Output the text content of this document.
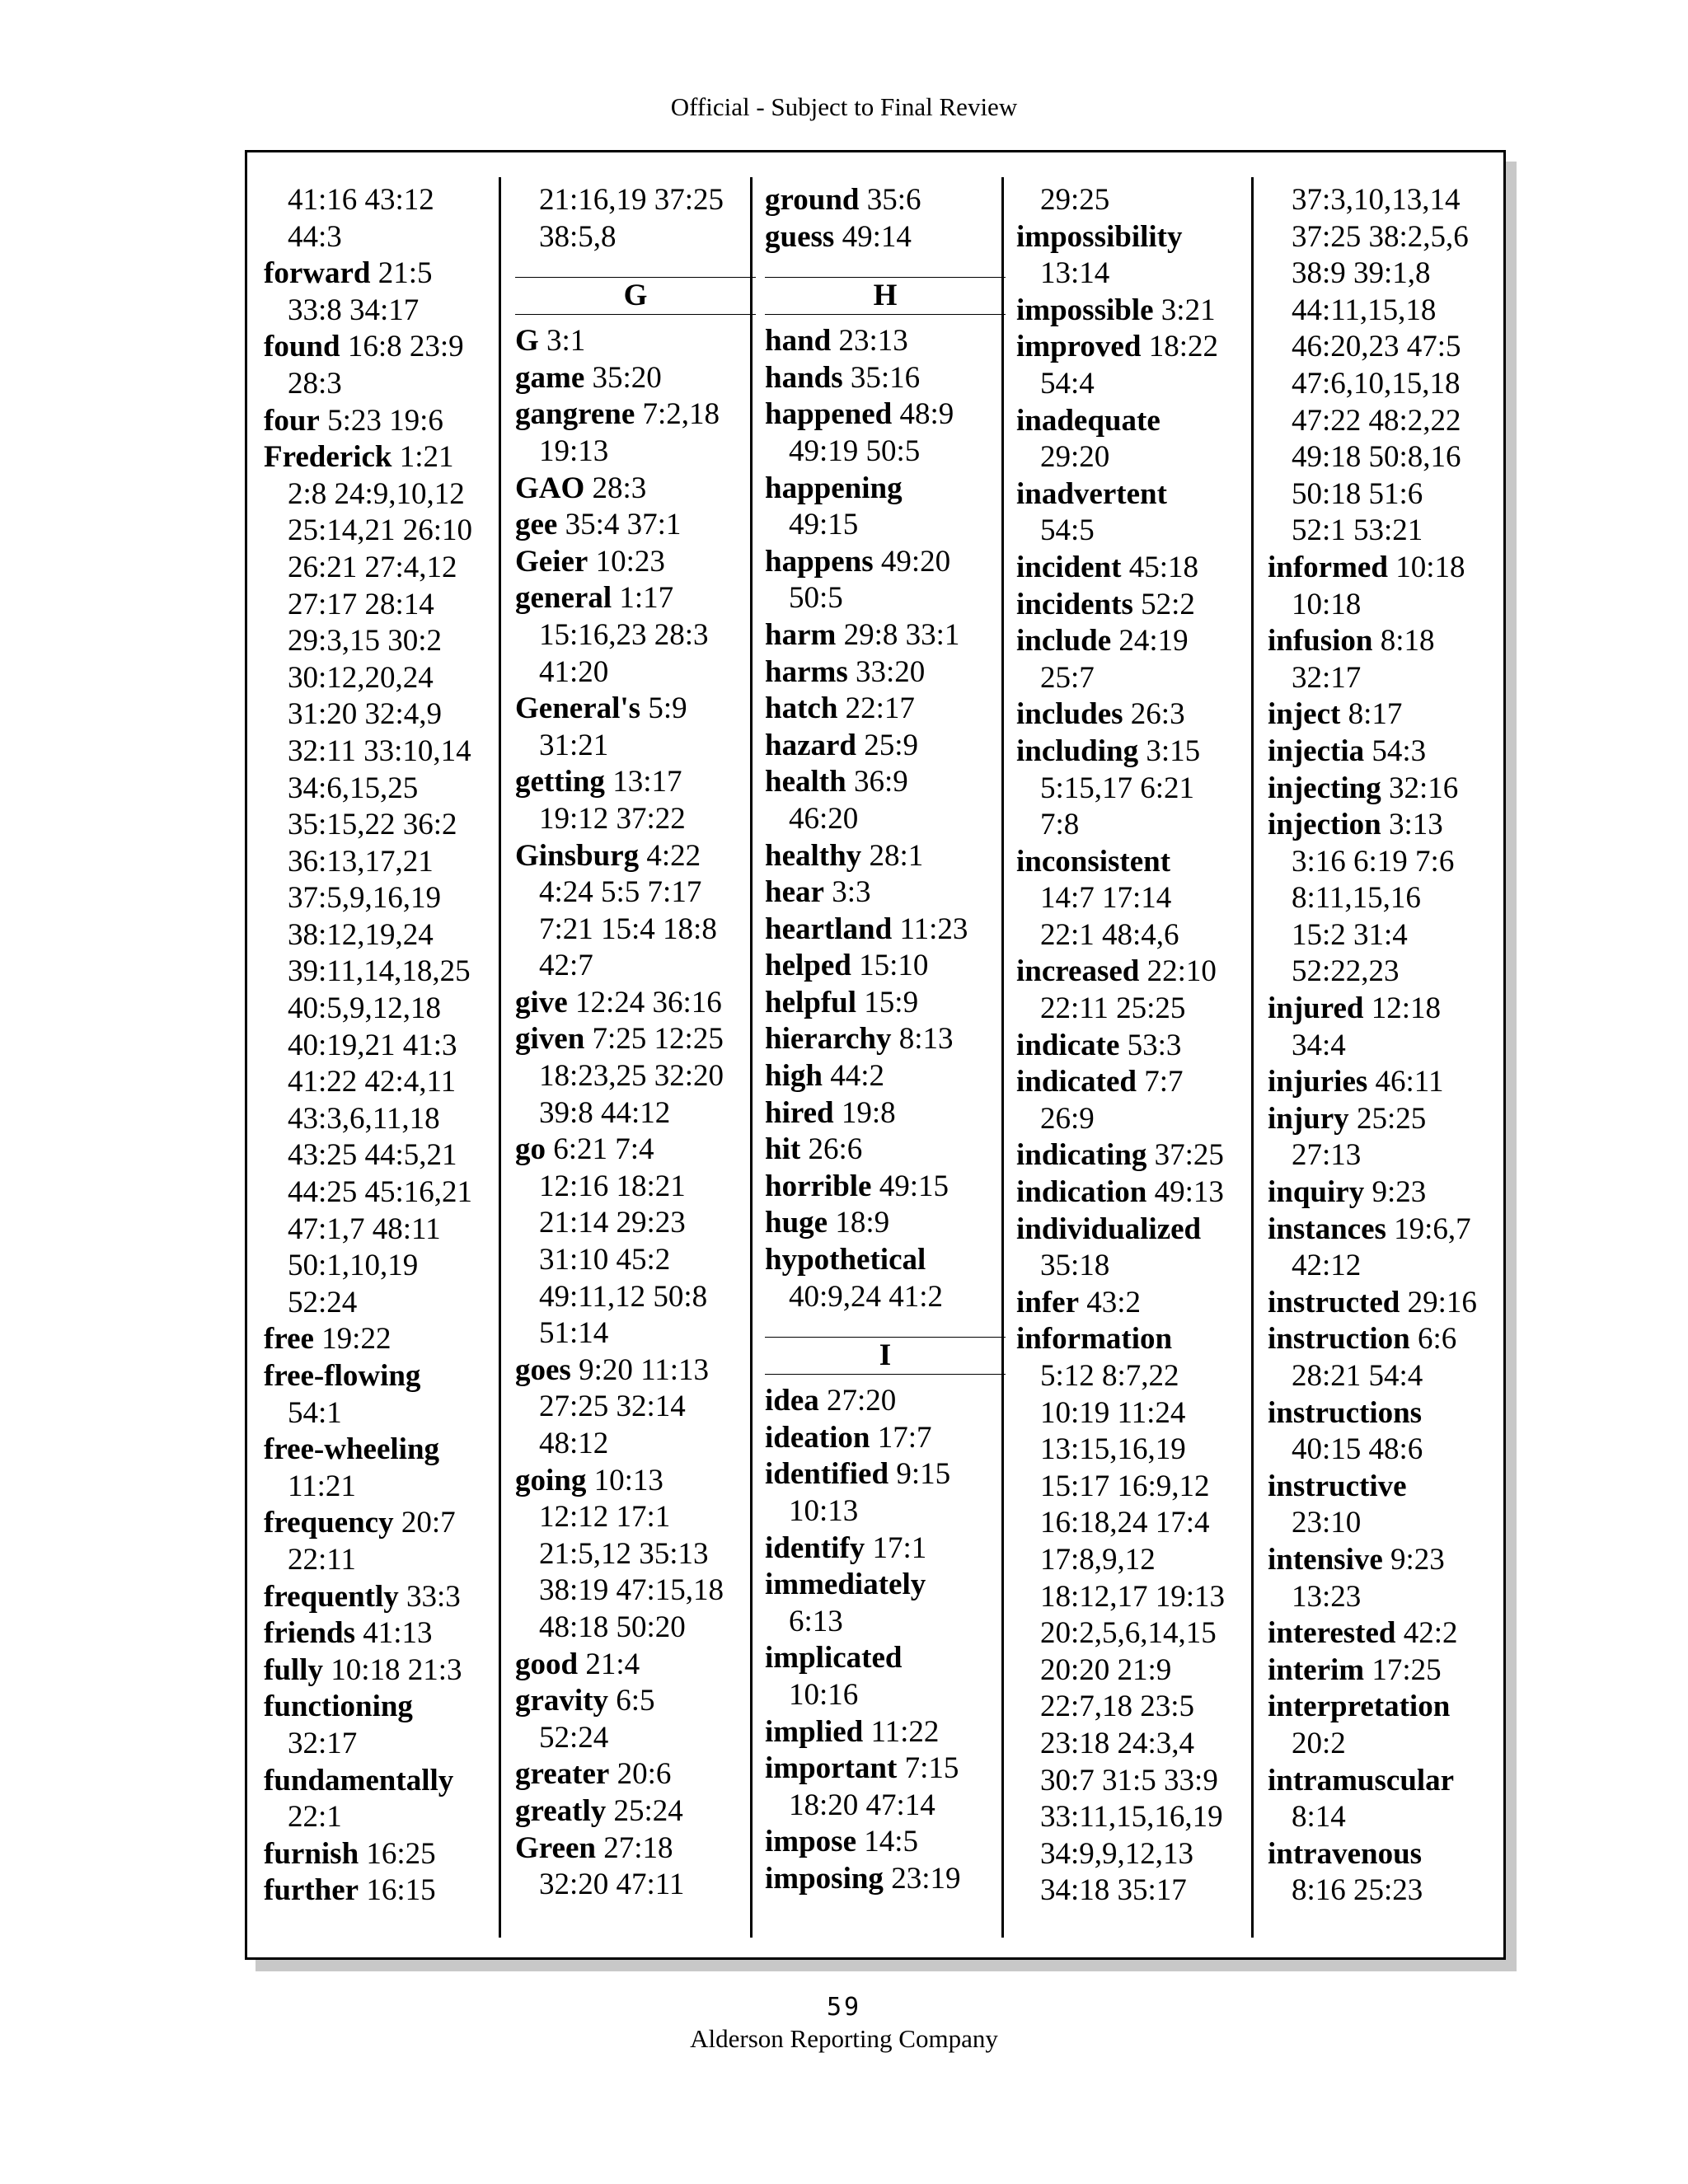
Official - Subject to Final Review
41:16 43:12
44:3
forward 21:5
33:8 34:17
found 16:8 23:9
28:3
four 5:23 19:6
Frederick 1:21
2:8 24:9,10,12
25:14,21 26:10
26:21 27:4,12
27:17 28:14
29:3,15 30:2
30:12,20,24
31:20 32:4,9
32:11 33:10,14
34:6,15,25
35:15,22 36:2
36:13,17,21
37:5,9,16,19
38:12,19,24
39:11,14,18,25
40:5,9,12,18
40:19,21 41:3
41:22 42:4,11
43:3,6,11,18
43:25 44:5,21
44:25 45:16,21
47:1,7 48:11
50:1,10,19
52:24
free 19:22
free-flowing
54:1
free-wheeling
11:21
frequency 20:7
22:11
frequently 33:3
friends 41:13
fully 10:18 21:3
functioning
32:17
fundamentally
22:1
furnish 16:25
further 16:15
21:16,19 37:25
38:5,8
G
G 3:1
game 35:20
gangrene 7:2,18
19:13
GAO 28:3
gee 35:4 37:1
Geier 10:23
general 1:17
15:16,23 28:3
41:20
General's 5:9
31:21
getting 13:17
19:12 37:22
Ginsburg 4:22
4:24 5:5 7:17
7:21 15:4 18:8
42:7
give 12:24 36:16
given 7:25 12:25
18:23,25 32:20
39:8 44:12
go 6:21 7:4
12:16 18:21
21:14 29:23
31:10 45:2
49:11,12 50:8
51:14
goes 9:20 11:13
27:25 32:14
48:12
going 10:13
12:12 17:1
21:5,12 35:13
38:19 47:15,18
48:18 50:20
good 21:4
gravity 6:5
52:24
greater 20:6
greatly 25:24
Green 27:18
32:20 47:11
ground 35:6
guess 49:14
H
hand 23:13
hands 35:16
happened 48:9
49:19 50:5
happening
49:15
happens 49:20
50:5
harm 29:8 33:1
harms 33:20
hatch 22:17
hazard 25:9
health 36:9
46:20
healthy 28:1
hear 3:3
heartland 11:23
helped 15:10
helpful 15:9
hierarchy 8:13
high 44:2
hired 19:8
hit 26:6
horrible 49:15
huge 18:9
hypothetical
40:9,24 41:2
I
idea 27:20
ideation 17:7
identified 9:15
10:13
identify 17:1
immediately
6:13
implicated
10:16
implied 11:22
important 7:15
18:20 47:14
impose 14:5
imposing 23:19
29:25
impossibility
13:14
impossible 3:21
improved 18:22
54:4
inadequate
29:20
inadvertent
54:5
incident 45:18
incidents 52:2
include 24:19
25:7
includes 26:3
including 3:15
5:15,17 6:21
7:8
inconsistent
14:7 17:14
22:1 48:4,6
increased 22:10
22:11 25:25
indicate 53:3
indicated 7:7
26:9
indicating 37:25
indication 49:13
individualized
35:18
infer 43:2
information
5:12 8:7,22
10:19 11:24
13:15,16,19
15:17 16:9,12
16:18,24 17:4
17:8,9,12
18:12,17 19:13
20:2,5,6,14,15
20:20 21:9
22:7,18 23:5
23:18 24:3,4
30:7 31:5 33:9
33:11,15,16,19
34:9,9,12,13
34:18 35:17
37:3,10,13,14
37:25 38:2,5,6
38:9 39:1,8
44:11,15,18
46:20,23 47:5
47:6,10,15,18
47:22 48:2,22
49:18 50:8,16
50:18 51:6
52:1 53:21
informed 10:18
10:18
infusion 8:18
32:17
inject 8:17
injectia 54:3
injecting 32:16
injection 3:13
3:16 6:19 7:6
8:11,15,16
15:2 31:4
52:22,23
injured 12:18
34:4
injuries 46:11
injury 25:25
27:13
inquiry 9:23
instances 19:6,7
42:12
instructed 29:16
instruction 6:6
28:21 54:4
instructions
40:15 48:6
instructive
23:10
intensive 9:23
13:23
interested 42:2
interim 17:25
interpretation
20:2
intramuscular
8:14
intravenous
8:16 25:23
59
Alderson Reporting Company
